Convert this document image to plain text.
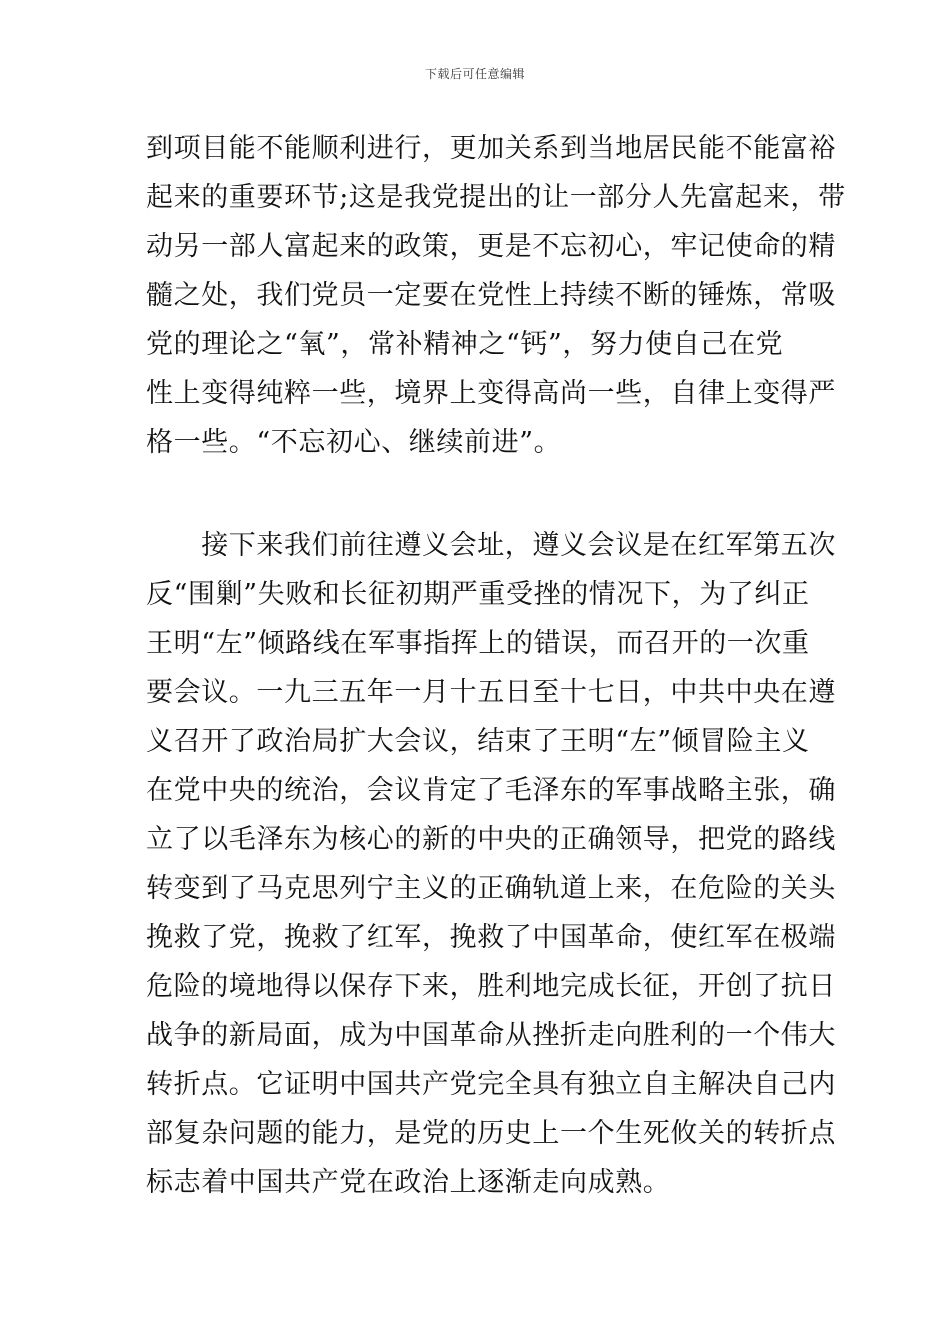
下载后可任意编辑
到项目能不能顺利进行，更加关系到当地居民能不能富裕
起来的重要环节;这是我党提出的让一部分人先富起来，带
动另一部人富起来的政策，更是不忘初心，牢记使命的精
髓之处，我们党员一定要在党性上持续不断的锤炼，常吸
党的理论之“氧”，常补精神之“钙”，努力使自己在党
性上变得纯粹一些，境界上变得高尚一些，自律上变得严
格一些。“不忘初心、继续前进”。
　　接下来我们前往遵义会址，遵义会议是在红军第五次
反“围剿”失败和长征初期严重受挫的情况下，为了纠正
王明“左”倾路线在军事指挥上的错误，而召开的一次重
要会议。一九三五年一月十五日至十七日，中共中央在遵
义召开了政治局扩大会议，结束了王明“左”倾冒险主义
在党中央的统治，会议肯定了毛泽东的军事战略主张，确
立了以毛泽东为核心的新的中央的正确领导，把党的路线
转变到了马克思列宁主义的正确轨道上来，在危险的关头
挽救了党，挽救了红军，挽救了中国革命，使红军在极端
危险的境地得以保存下来，胜利地完成长征，开创了抗日
战争的新局面，成为中国革命从挫折走向胜利的一个伟大
转折点。它证明中国共产党完全具有独立自主解决自己内
部复杂问题的能力，是党的历史上一个生死攸关的转折点
标志着中国共产党在政治上逐渐走向成熟。
